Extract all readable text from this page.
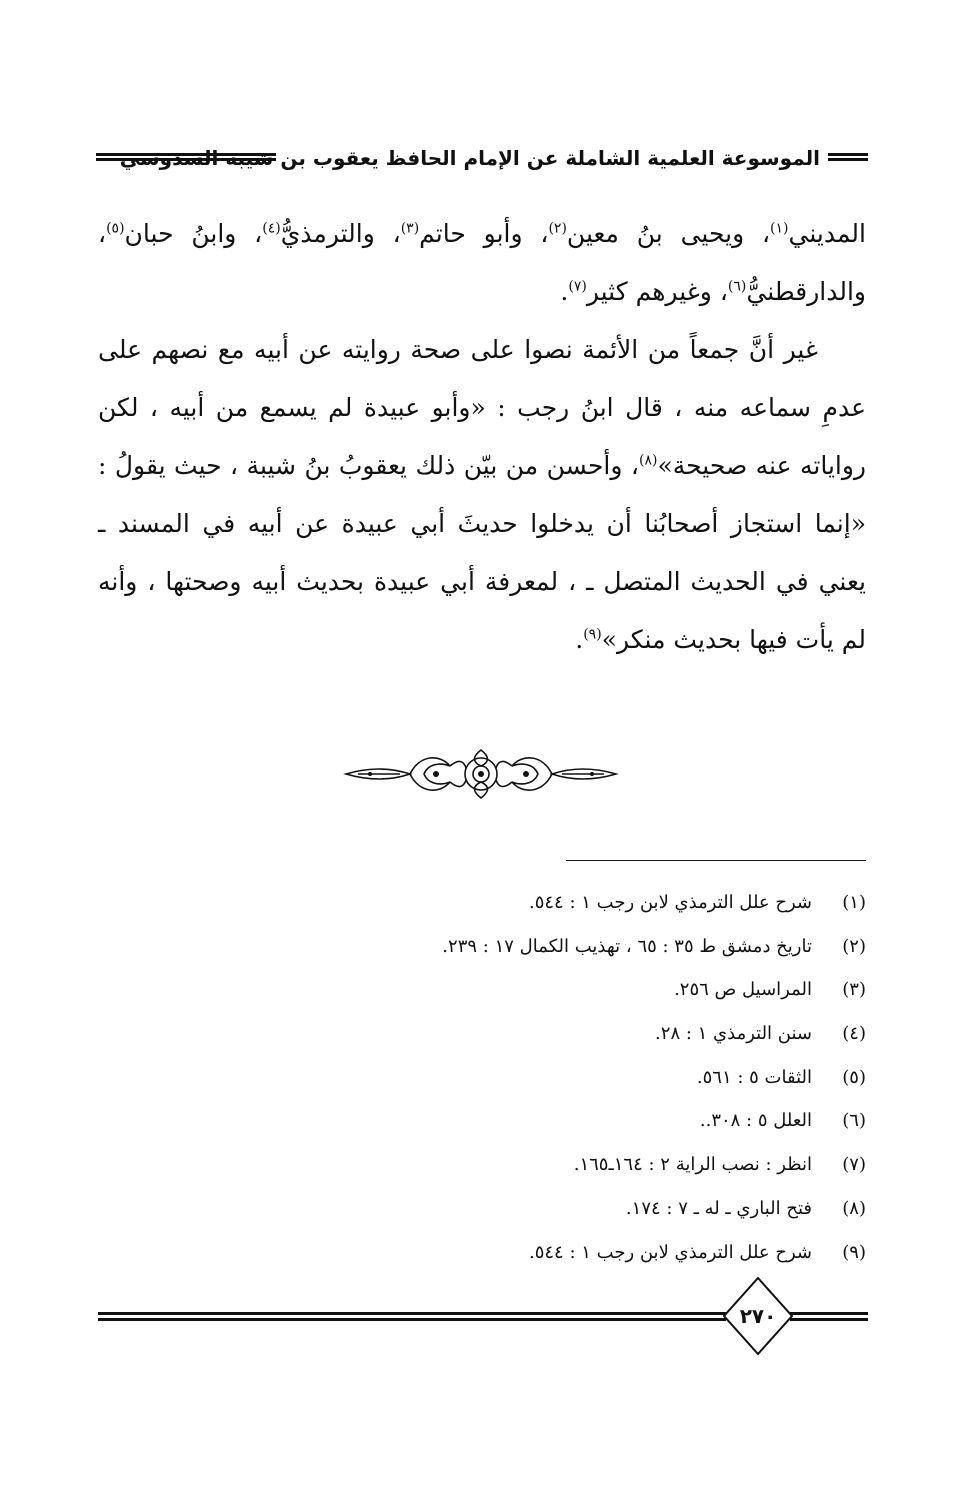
الموسوعة العلمية الشاملة عن الإمام الحافظ يعقوب بن شيبة السدوسي

المديني$^{(١)}$، ويحيى بنُ معين$^{(٢)}$، وأبو حاتم$^{(٣)}$، والترمذيُّ$^{(٤)}$، وابنُ حبان$^{(٥)}$، والدارقطنيُّ$^{(٦)}$، وغيرهم كثير$^{(٧)}$.

غير أنَّ جمعاً من الأئمة نصوا على صحة روايته عن أبيه مع نصهم على عدمِ سماعه منه ، قال ابنُ رجب : «وأبو عبيدة لم يسمع من أبيه ، لكن رواياته عنه صحيحة»$^{(٨)}$، وأحسن من بيّن ذلك يعقوبُ بنُ شيبة ، حيث يقولُ : «إنما استجاز أصحابُنا أن يدخلوا حديثَ أبي عبيدة عن أبيه في المسند ـ يعني في الحديث المتصل ـ ، لمعرفة أبي عبيدة بحديث أبيه وصحتها ، وأنه لم يأت فيها بحديث منكر»$^{(٩)}$.

(١)شرح علل الترمذي لابن رجب ١ : ٥٤٤.
(٢)تاريخ دمشق ط ٣٥ : ٦٥ ، تهذيب الكمال ١٧ : ٢٣٩.
(٣)المراسيل ص ٢٥٦.
(٤)سنن الترمذي ١ : ٢٨.
(٥)الثقات ٥ : ٥٦١.
(٦)العلل ٥ : ٣٠٨..
(٧)انظر : نصب الراية ٢ : ١٦٤ـ١٦٥.
(٨)فتح الباري ـ له ـ ٧ : ١٧٤.
(٩)شرح علل الترمذي لابن رجب ١ : ٥٤٤.
٢٧٠
